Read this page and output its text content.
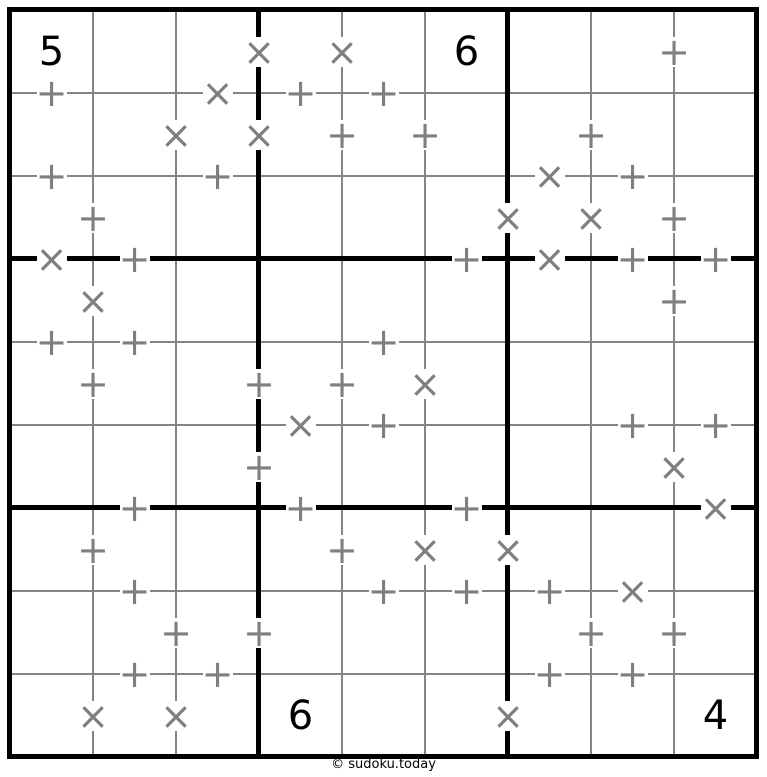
× ×	+
+	× + +
× × + +	+
+	+	× +
+	× × +
× +	+ × + +
×	+
+ +	+
+	+ + ×
× +	+ +
+	×
+	+	+	×
+	+ × ×
+	+ + + ×
+ +	+ +
+ +	+ +
× ×	×
5	6
6	4
© sudoku.today
